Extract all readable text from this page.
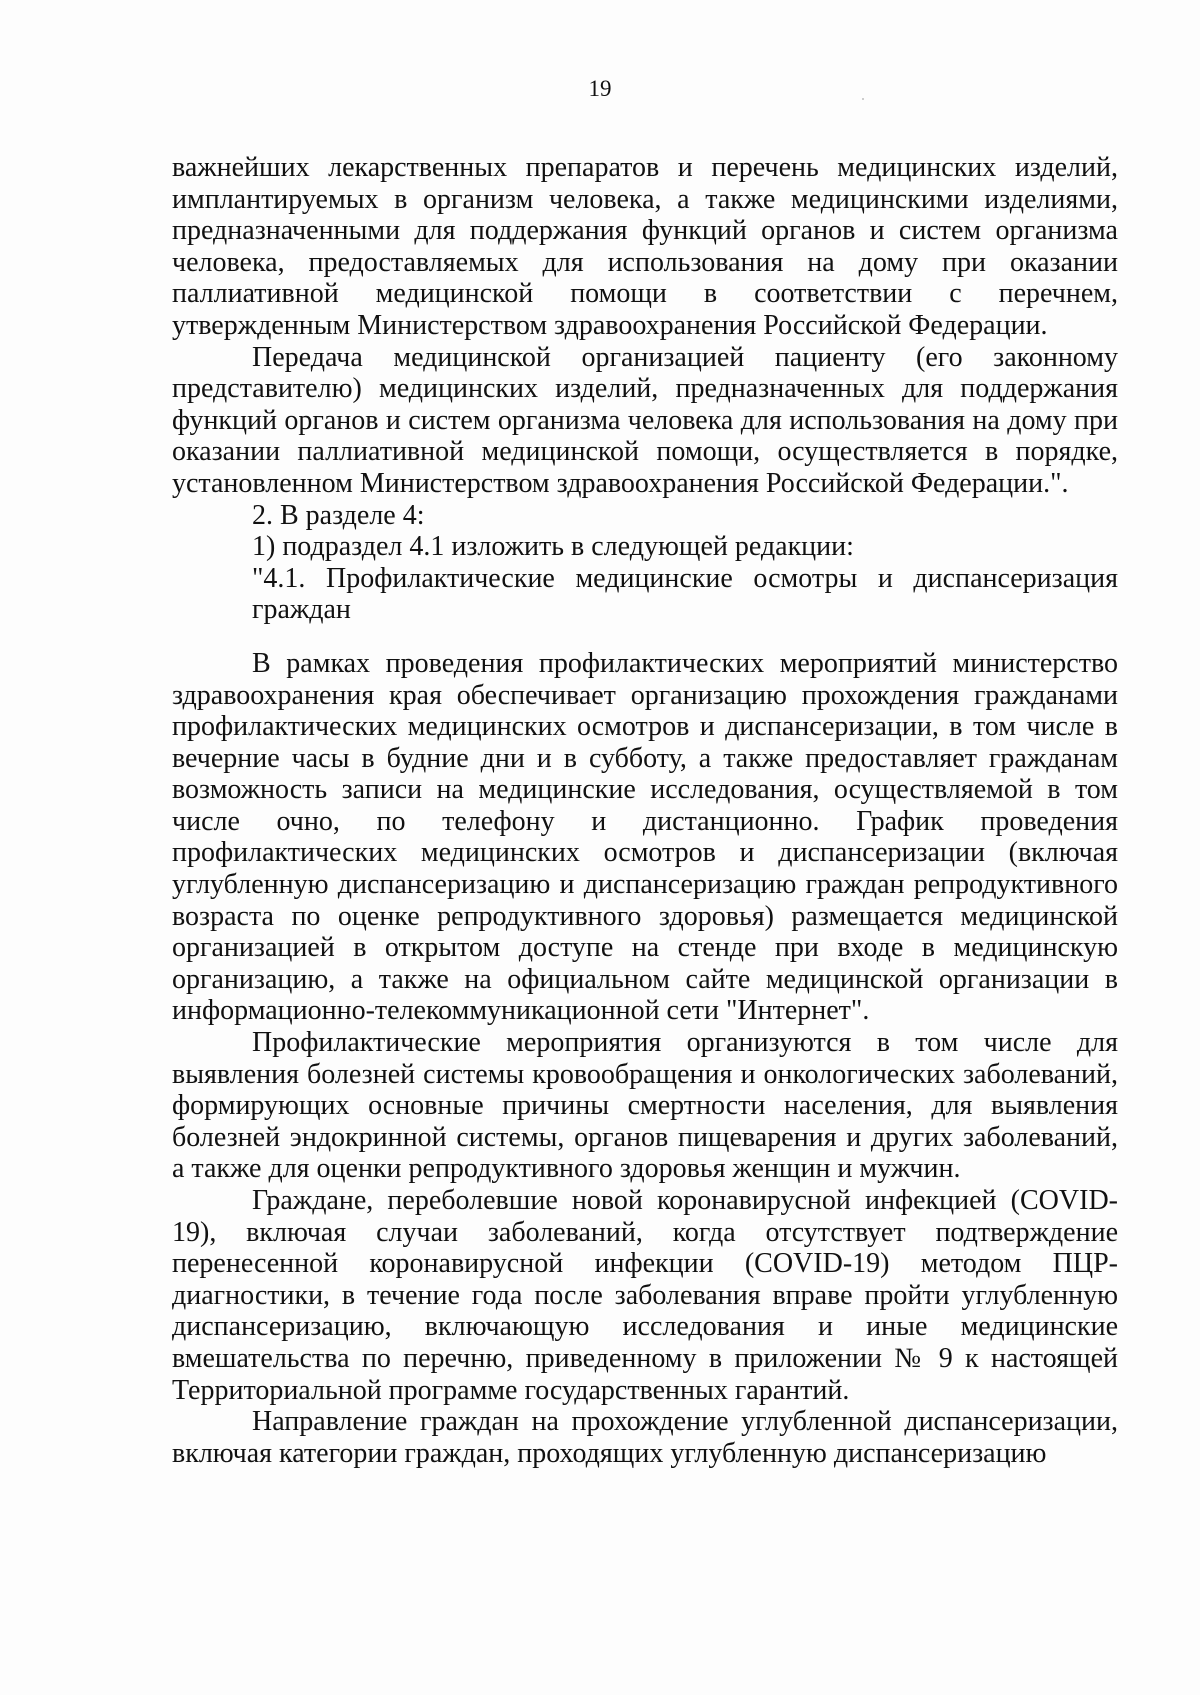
19

важнейших лекарственных препаратов и перечень медицинских изделий, имплантируемых в организм человека, а также медицинскими изделиями, предназначенными для поддержания функций органов и систем организма человека, предоставляемых для использования на дому при оказании паллиативной медицинской помощи в соответствии с перечнем, утвержденным Министерством здравоохранения Российской Федерации.

Передача медицинской организацией пациенту (его законному представителю) медицинских изделий, предназначенных для поддержания функций органов и систем организма человека для использования на дому при оказании паллиативной медицинской помощи, осуществляется в порядке, установленном Министерством здравоохранения Российской Федерации.".

2. В разделе 4:

1) подраздел 4.1 изложить в следующей редакции:

"4.1. Профилактические медицинские осмотры и диспансеризация
граждан

В рамках проведения профилактических мероприятий министерство здравоохранения края обеспечивает организацию прохождения гражданами профилактических медицинских осмотров и диспансеризации, в том числе в вечерние часы в будние дни и в субботу, а также предоставляет гражданам возможность записи на медицинские исследования, осуществляемой в том числе очно, по телефону и дистанционно. График проведения профилактических медицинских осмотров и диспансеризации (включая углубленную диспансеризацию и диспансеризацию граждан репродуктивного возраста по оценке репродуктивного здоровья) размещается медицинской организацией в открытом доступе на стенде при входе в медицинскую организацию, а также на официальном сайте медицинской организации в информационно-телекоммуникационной сети "Интернет".

Профилактические мероприятия организуются в том числе для выявления болезней системы кровообращения и онкологических заболеваний, формирующих основные причины смертности населения, для выявления болезней эндокринной системы, органов пищеварения и других заболеваний, а также для оценки репродуктивного здоровья женщин и мужчин.

Граждане, переболевшие новой коронавирусной инфекцией (COVID-19), включая случаи заболеваний, когда отсутствует подтверждение перенесенной коронавирусной инфекции (COVID-19) методом ПЦР-диагностики, в течение года после заболевания вправе пройти углубленную диспансеризацию, включающую исследования и иные медицинские вмешательства по перечню, приведенному в приложении № 9 к настоящей Территориальной программе государственных гарантий.

Направление граждан на прохождение углубленной диспансеризации, включая категории граждан, проходящих углубленную диспансеризацию
